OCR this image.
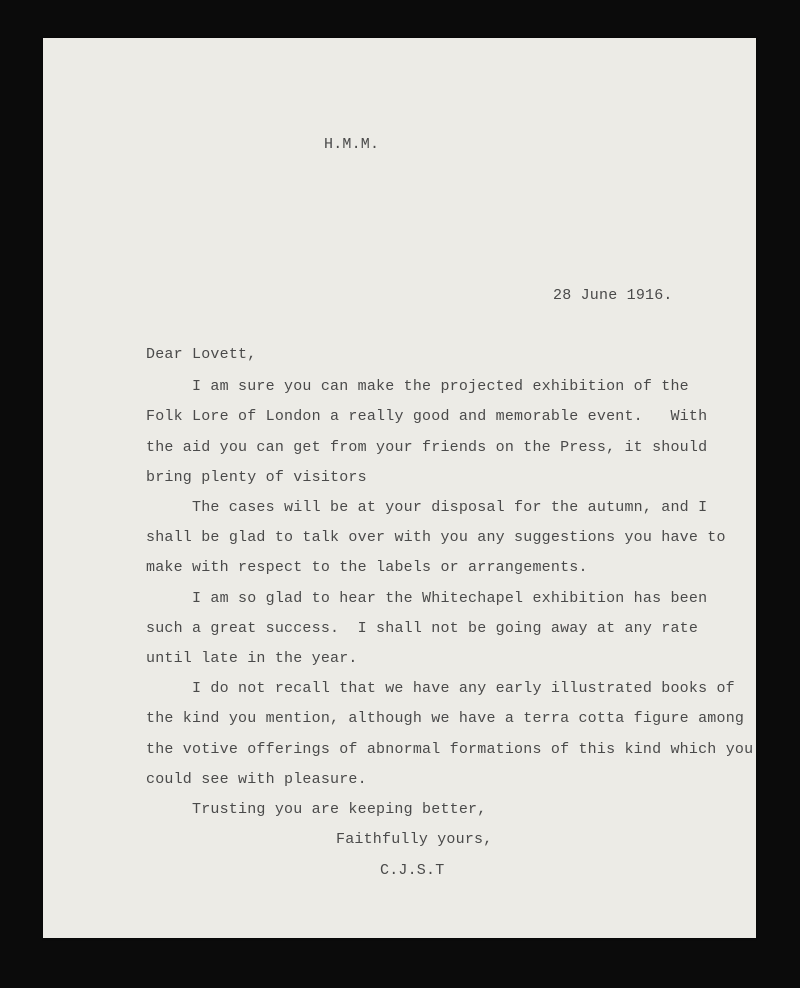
H.M.M.
28 June 1916.
Dear Lovett,
I am sure you can make the projected exhibition of the
Folk Lore of London a really good and memorable event.   With
the aid you can get from your friends on the Press, it should
bring plenty of visitors
The cases will be at your disposal for the autumn, and I
shall be glad to talk over with you any suggestions you have to
make with respect to the labels or arrangements.
I am so glad to hear the Whitechapel exhibition has been
such a great success.  I shall not be going away at any rate
until late in the year.
I do not recall that we have any early illustrated books of
the kind you mention, although we have a terra cotta figure among
the votive offerings of abnormal formations of this kind which you
could see with pleasure.
Trusting you are keeping better,
Faithfully yours,
C.J.S.T
